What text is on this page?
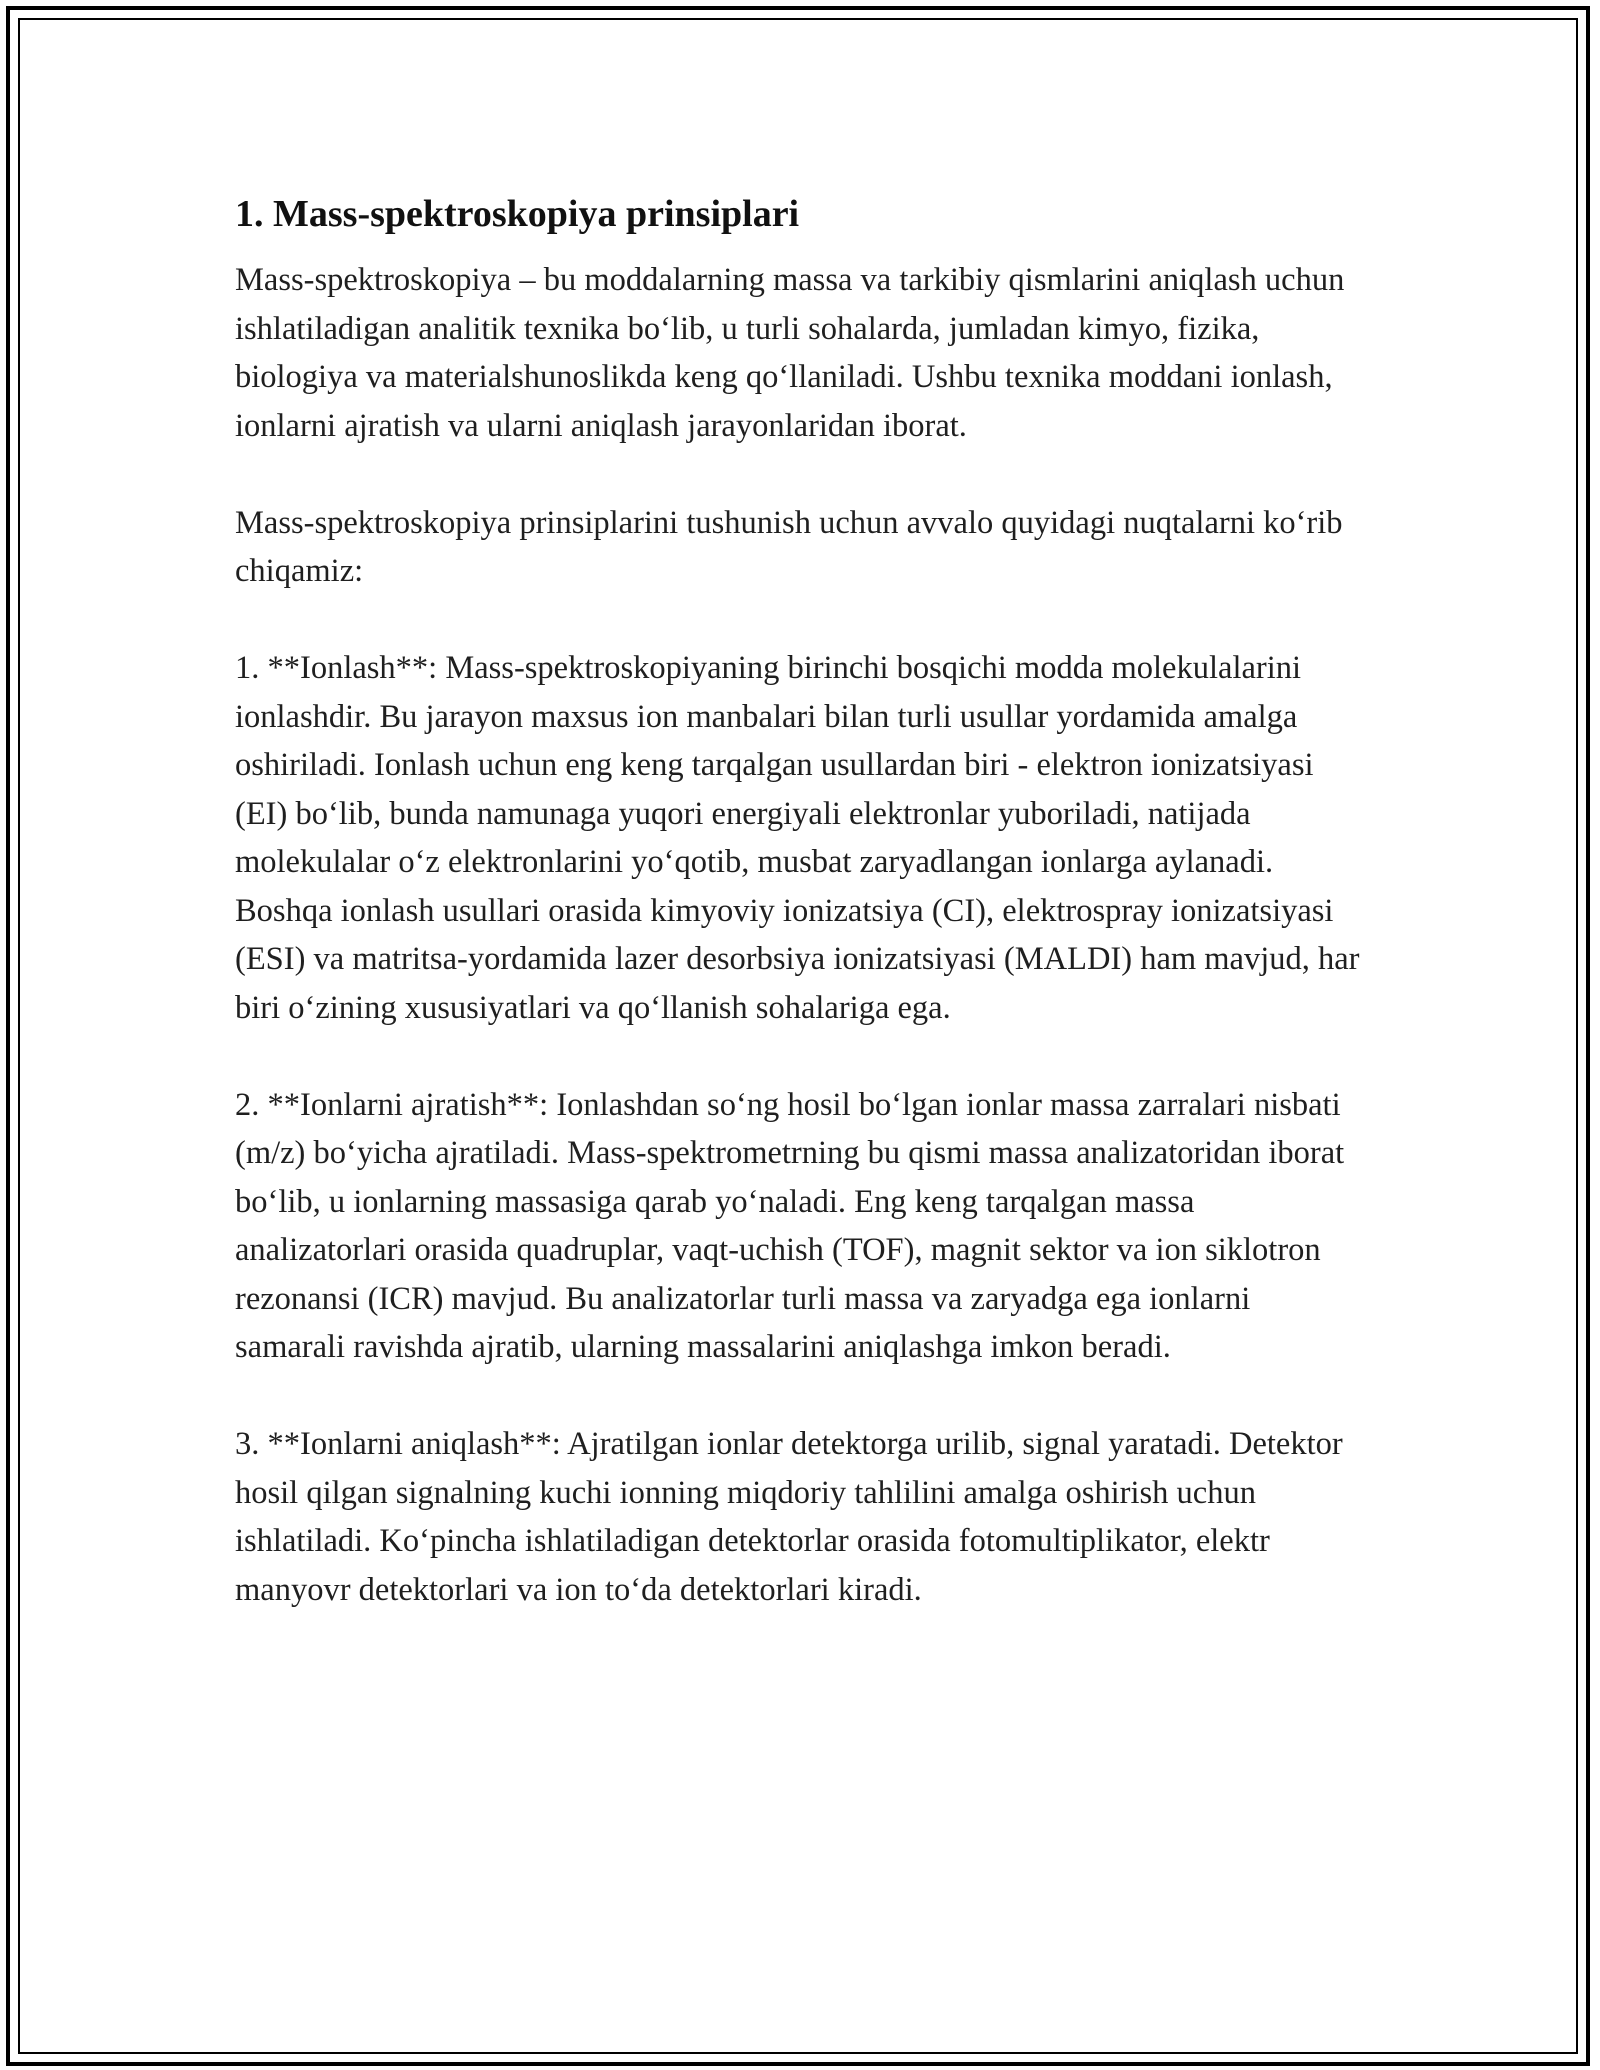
1. Mass-spektroskopiya prinsiplari

Mass-spektroskopiya – bu moddalarning massa va tarkibiy qismlarini aniqlash uchun ishlatiladigan analitik texnika bo‘lib, u turli sohalarda, jumladan kimyo, fizika, biologiya va materialshunoslikda keng qo‘llaniladi. Ushbu texnika moddani ionlash, ionlarni ajratish va ularni aniqlash jarayonlaridan iborat.

Mass-spektroskopiya prinsiplarini tushunish uchun avvalo quyidagi nuqtalarni ko‘rib chiqamiz:

1. **Ionlash**: Mass-spektroskopiyaning birinchi bosqichi modda molekulalarini ionlashdir. Bu jarayon maxsus ion manbalari bilan turli usullar yordamida amalga oshiriladi. Ionlash uchun eng keng tarqalgan usullardan biri - elektron ionizatsiyasi (EI) bo‘lib, bunda namunaga yuqori energiyali elektronlar yuboriladi, natijada molekulalar o‘z elektronlarini yo‘qotib, musbat zaryadlangan ionlarga aylanadi. Boshqa ionlash usullari orasida kimyoviy ionizatsiya (CI), elektrospray ionizatsiyasi (ESI) va matritsa-yordamida lazer desorbsiya ionizatsiyasi (MALDI) ham mavjud, har biri o‘zining xususiyatlari va qo‘llanish sohalariga ega.

2. **Ionlarni ajratish**: Ionlashdan so‘ng hosil bo‘lgan ionlar massa zarralari nisbati (m/z) bo‘yicha ajratiladi. Mass-spektrometrning bu qismi massa analizatoridan iborat bo‘lib, u ionlarning massasiga qarab yo‘naladi. Eng keng tarqalgan massa analizatorlari orasida quadruplar, vaqt-uchish (TOF), magnit sektor va ion siklotron rezonansi (ICR) mavjud. Bu analizatorlar turli massa va zaryadga ega ionlarni samarali ravishda ajratib, ularning massalarini aniqlashga imkon beradi.

3. **Ionlarni aniqlash**: Ajratilgan ionlar detektorga urilib, signal yaratadi. Detektor hosil qilgan signalning kuchi ionning miqdoriy tahlilini amalga oshirish uchun ishlatiladi. Ko‘pincha ishlatiladigan detektorlar orasida fotomultiplikator, elektr manyovr detektorlari va ion to‘da detektorlari kiradi.
